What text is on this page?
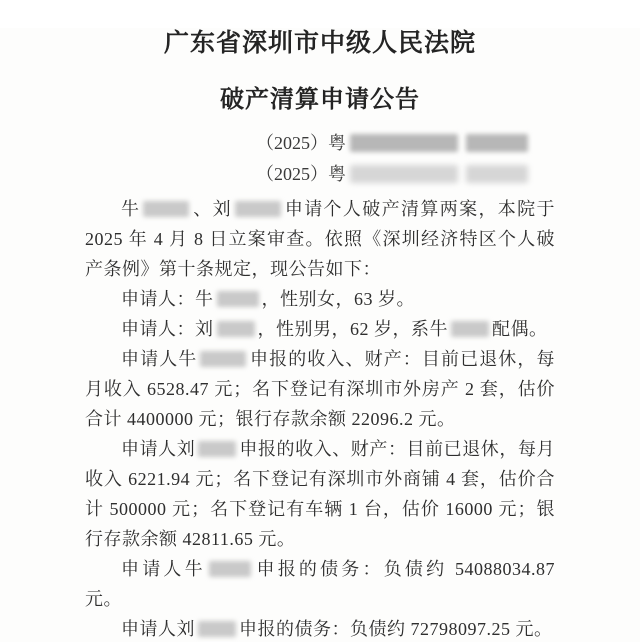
广东省深圳市中级人民法院
破产清算申请公告
（2025）粤
（2025）粤

牛	、刘	申请个人破产清算两案，本院于 2025 年 4 月 8 日立案审查。依照《深圳经济特区个人破产条例》第十条规定，现公告如下：

申请人：牛	，性别女，63 岁。

申请人：刘 ，性别男，62 岁，系牛 配偶。

申请人牛	申报的收入、财产：目前已退休，每月收入 6528.47 元；名下登记有深圳市外房产 2 套，估价合计 4400000 元；银行存款余额 22096.2 元。

申请人刘 申报的收入、财产：目前已退休，每月收入 6221.94 元；名下登记有深圳市外商铺 4 套，估价合计 500000 元；名下登记有车辆 1 台，估价 16000 元；银行存款余额 42811.65 元。

申请人牛	申报的债务：负债约 54088034.87 元。

申请人刘 申报的债务：负债约 72798097.25 元。
